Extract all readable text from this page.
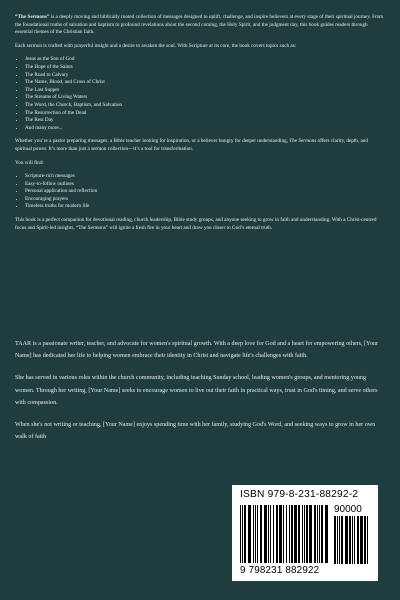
“The Sermons” is a deeply moving and biblically rooted collection of messages designed to uplift, challenge, and inspire believers at every stage of their spiritual journey. From the foundational truths of salvation and baptism to profound revelations about the second coming, the Holy Spirit, and the judgment day, this book guides readers through essential themes of the Christian faith.

Each sermon is crafted with prayerful insight and a desire to awaken the soul. With Scripture at its core, the book covers topics such as:

• Jesus as the Son of God
• The Hope of the Saints
• The Road to Calvary
• The Name, Blood, and Cross of Christ
• The Last Supper
• The Streams of Living Waters
• The Word, the Church, Baptism, and Salvation
• The Resurrection of the Dead
• The Rest Day
• And many more...

Whether you’re a pastor preparing messages, a Bible teacher looking for inspiration, or a believer hungry for deeper understanding, The Sermons offers clarity, depth, and spiritual power. It’s more than just a sermon collection—it’s a tool for transformation.

You will find:

• Scripture-rich messages
• Easy-to-follow outlines
• Personal application and reflection
• Encouraging prayers
• Timeless truths for modern life

This book is a perfect companion for devotional reading, church leadership, Bible study groups, and anyone seeking to grow in faith and understanding. With a Christ-centred focus and Spirit-led insights, “The Sermons” will ignite a fresh fire in your heart and draw you closer to God’s eternal truth.

TAAR is a passionate writer, teacher, and advocate for women's spiritual growth. With a deep love for God and a heart for empowering others, [Your Name] has dedicated her life to helping women embrace their identity in Christ and navigate life's challenges with faith.

She has served in various roles within the church community, including teaching Sunday school, leading women's groups, and mentoring young women. Through her writing, [Your Name] seeks to encourage women to live out their faith in practical ways, trust in God's timing, and serve others with compassion.

When she's not writing or teaching, [Your Name] enjoys spending time with her family, studying God's Word, and seeking ways to grow in her own walk of faith

ISBN 979-8-231-88292-2
90000
9 798231 882922
